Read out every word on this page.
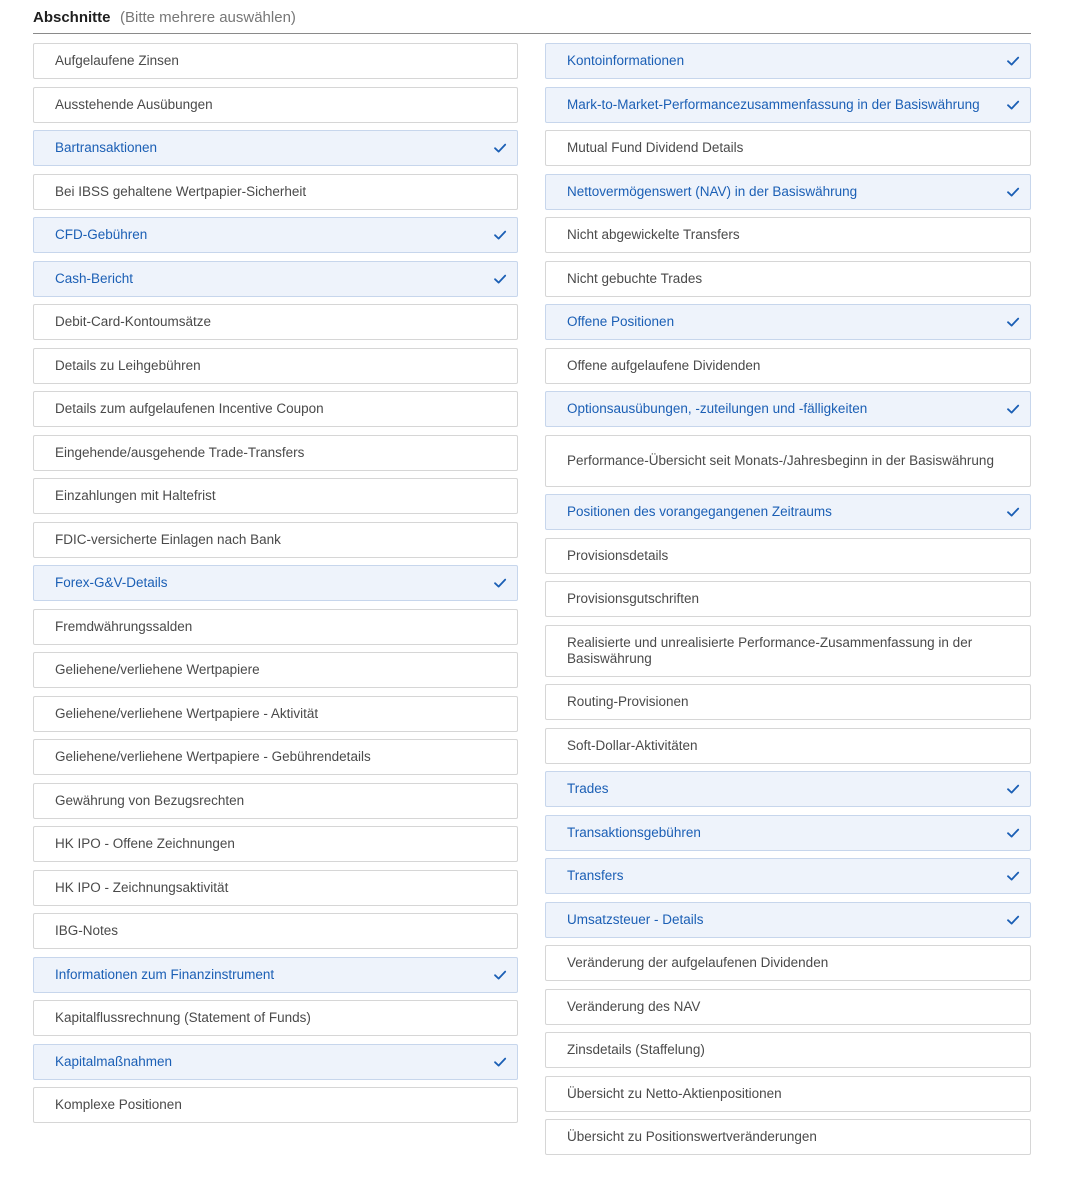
Abschnitte (Bitte mehrere auswählen)
Aufgelaufene Zinsen
Ausstehende Ausübungen
Bartransaktionen
Bei IBSS gehaltene Wertpapier-Sicherheit
CFD-Gebühren
Cash-Bericht
Debit-Card-Kontoumsätze
Details zu Leihgebühren
Details zum aufgelaufenen Incentive Coupon
Eingehende/ausgehende Trade-Transfers
Einzahlungen mit Haltefrist
FDIC-versicherte Einlagen nach Bank
Forex-G&V-Details
Fremdwährungssalden
Geliehene/verliehene Wertpapiere
Geliehene/verliehene Wertpapiere - Aktivität
Geliehene/verliehene Wertpapiere - Gebührendetails
Gewährung von Bezugsrechten
HK IPO - Offene Zeichnungen
HK IPO - Zeichnungsaktivität
IBG-Notes
Informationen zum Finanzinstrument
Kapitalflussrechnung (Statement of Funds)
Kapitalmaßnahmen
Komplexe Positionen
Kontoinformationen
Mark-to-Market-Performancezusammenfassung in der Basiswährung
Mutual Fund Dividend Details
Nettovermögenswert (NAV) in der Basiswährung
Nicht abgewickelte Transfers
Nicht gebuchte Trades
Offene Positionen
Offene aufgelaufene Dividenden
Optionsausübungen, -zuteilungen und -fälligkeiten
Performance-Übersicht seit Monats-/Jahresbeginn in der Basiswährung
Positionen des vorangegangenen Zeitraums
Provisionsdetails
Provisionsgutschriften
Realisierte und unrealisierte Performance-Zusammenfassung in der Basiswährung
Routing-Provisionen
Soft-Dollar-Aktivitäten
Trades
Transaktionsgebühren
Transfers
Umsatzsteuer - Details
Veränderung der aufgelaufenen Dividenden
Veränderung des NAV
Zinsdetails (Staffelung)
Übersicht zu Netto-Aktienpositionen
Übersicht zu Positionswertveränderungen
